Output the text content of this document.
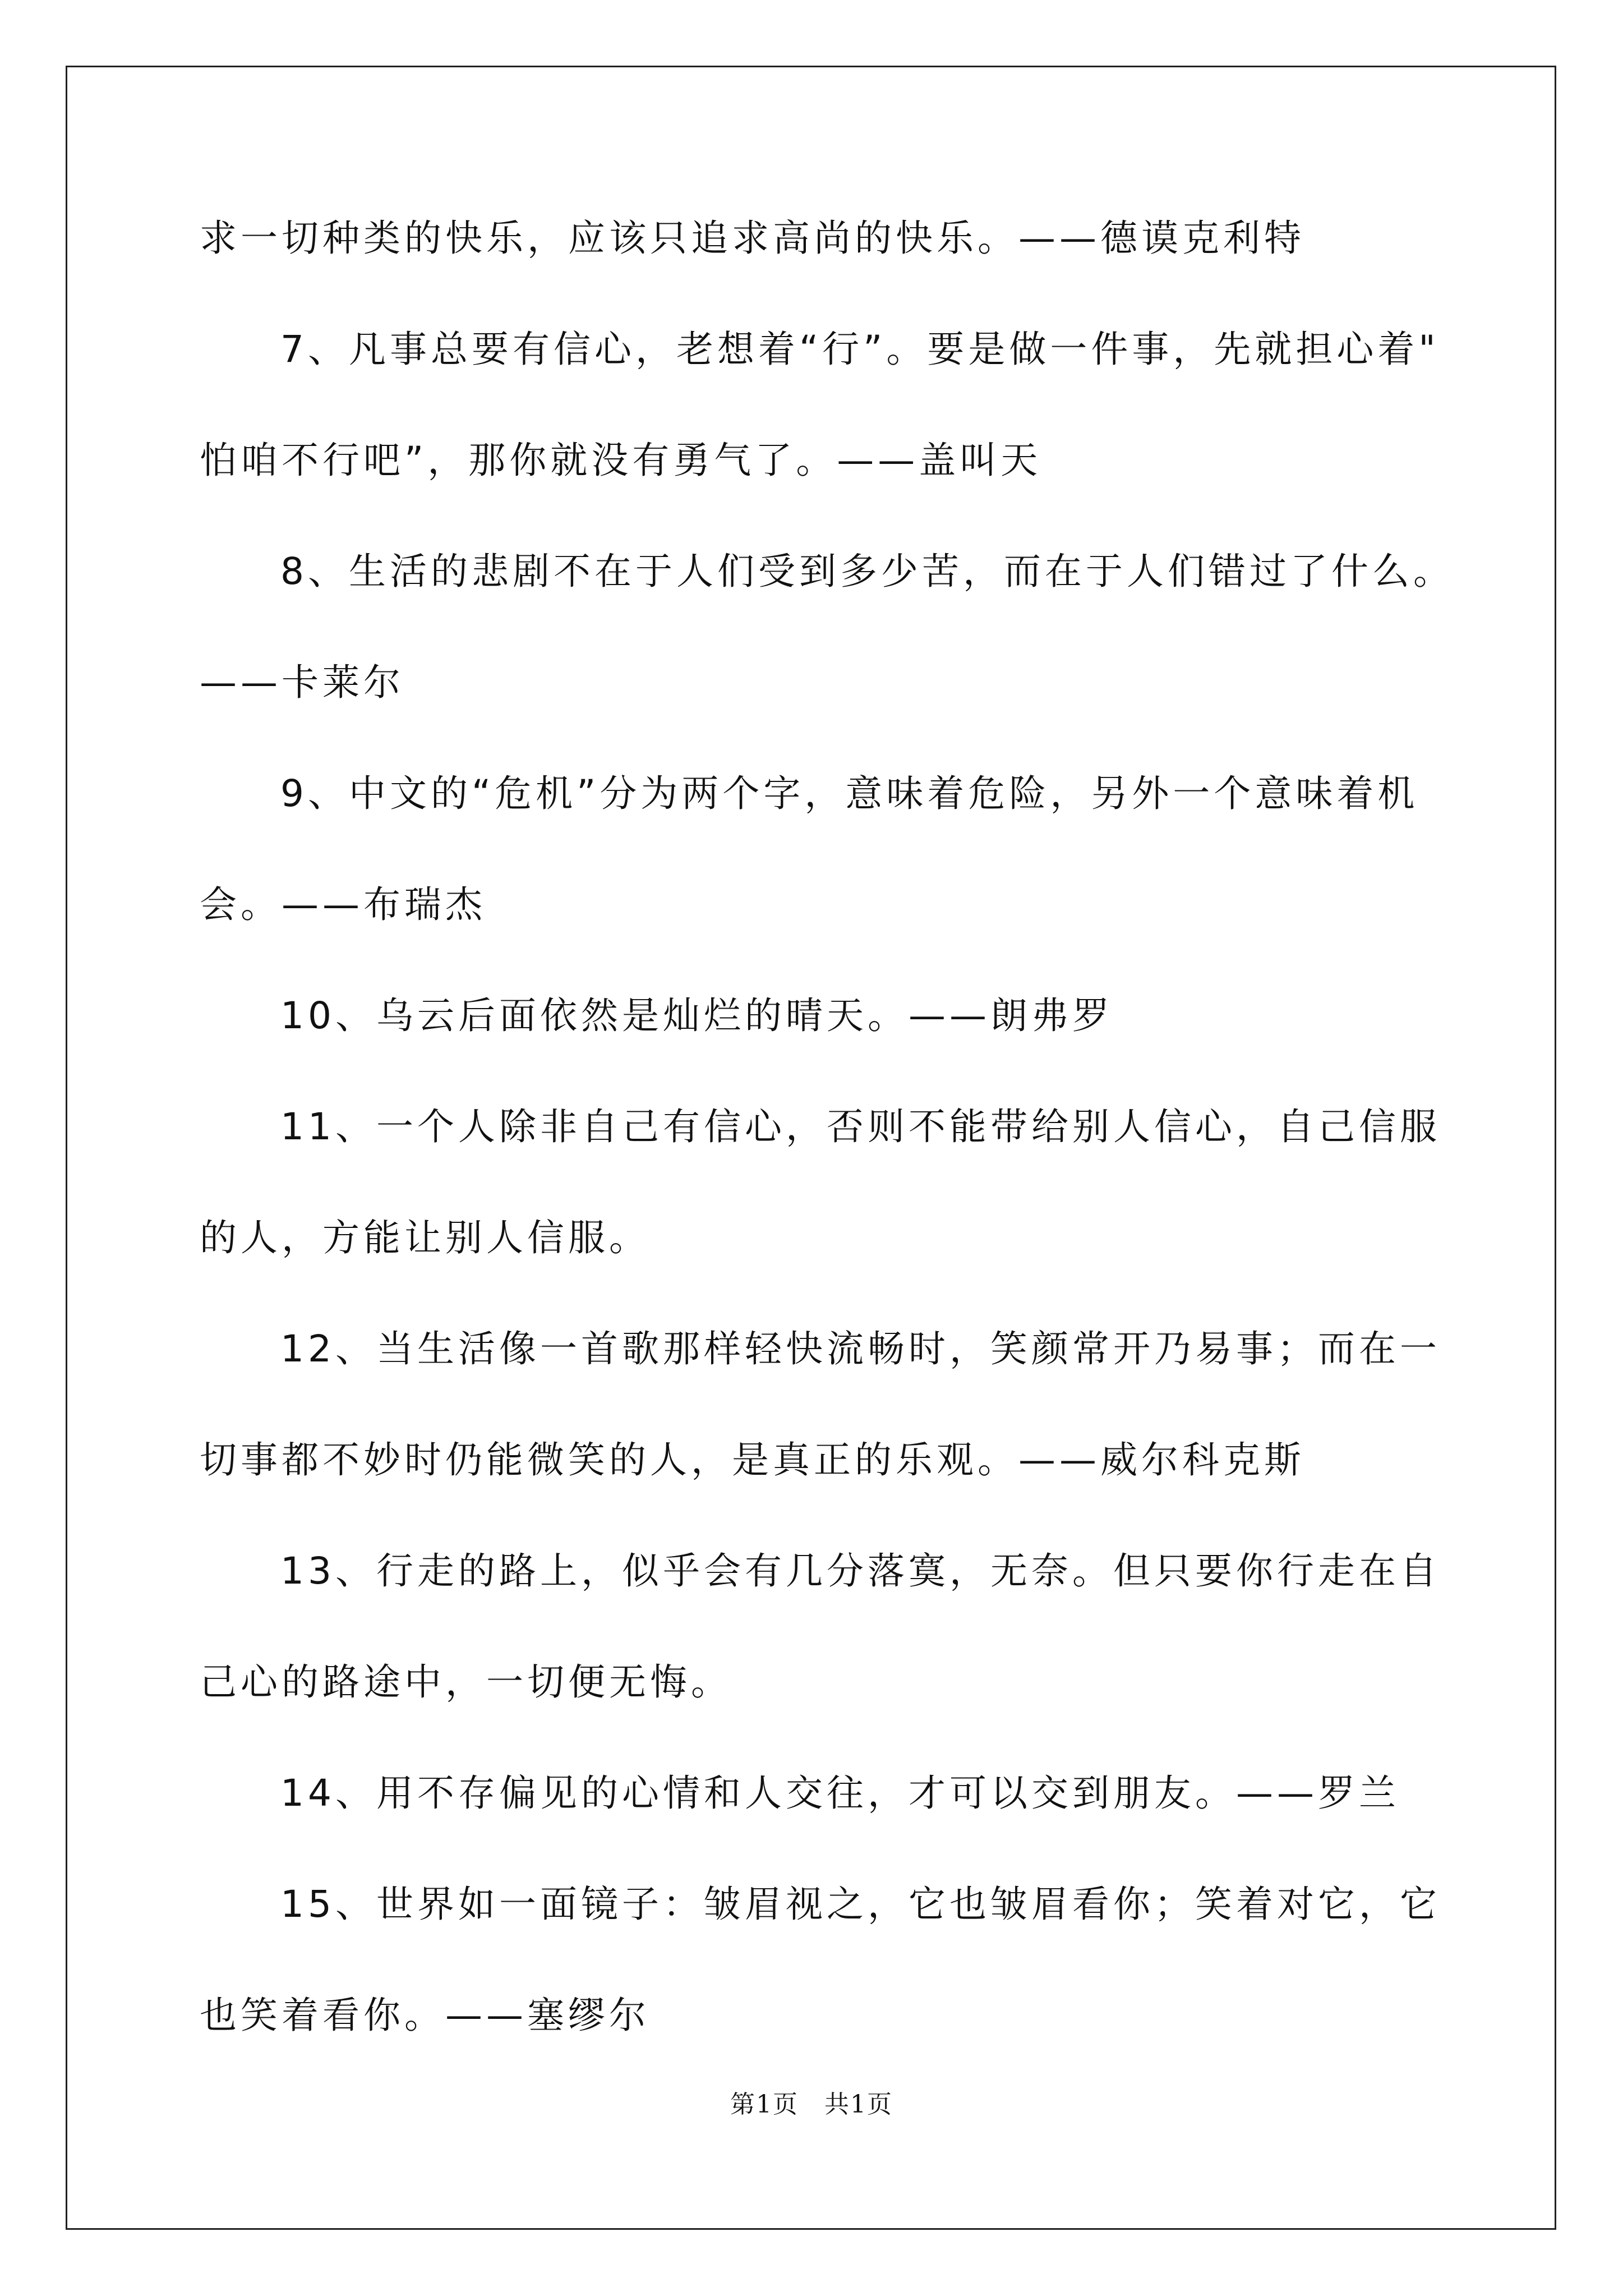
求一切种类的快乐，应该只追求高尚的快乐。——德谟克利特
7、凡事总要有信心，老想着“行”。要是做一件事，先就担心着"
怕咱不行吧”，那你就没有勇气了。——盖叫天
8、生活的悲剧不在于人们受到多少苦，而在于人们错过了什么。
——卡莱尔
9、中文的“危机”分为两个字，意味着危险，另外一个意味着机
会。——布瑞杰
10、乌云后面依然是灿烂的晴天。——朗弗罗
11、一个人除非自己有信心，否则不能带给别人信心，自己信服
的人，方能让别人信服。
12、当生活像一首歌那样轻快流畅时，笑颜常开乃易事；而在一
切事都不妙时仍能微笑的人，是真正的乐观。——威尔科克斯
13、行走的路上，似乎会有几分落寞，无奈。但只要你行走在自
己心的路途中，一切便无悔。
14、用不存偏见的心情和人交往，才可以交到朋友。——罗兰
15、世界如一面镜子：皱眉视之，它也皱眉看你；笑着对它，它
也笑着看你。——塞缪尔
第1页　共1页
